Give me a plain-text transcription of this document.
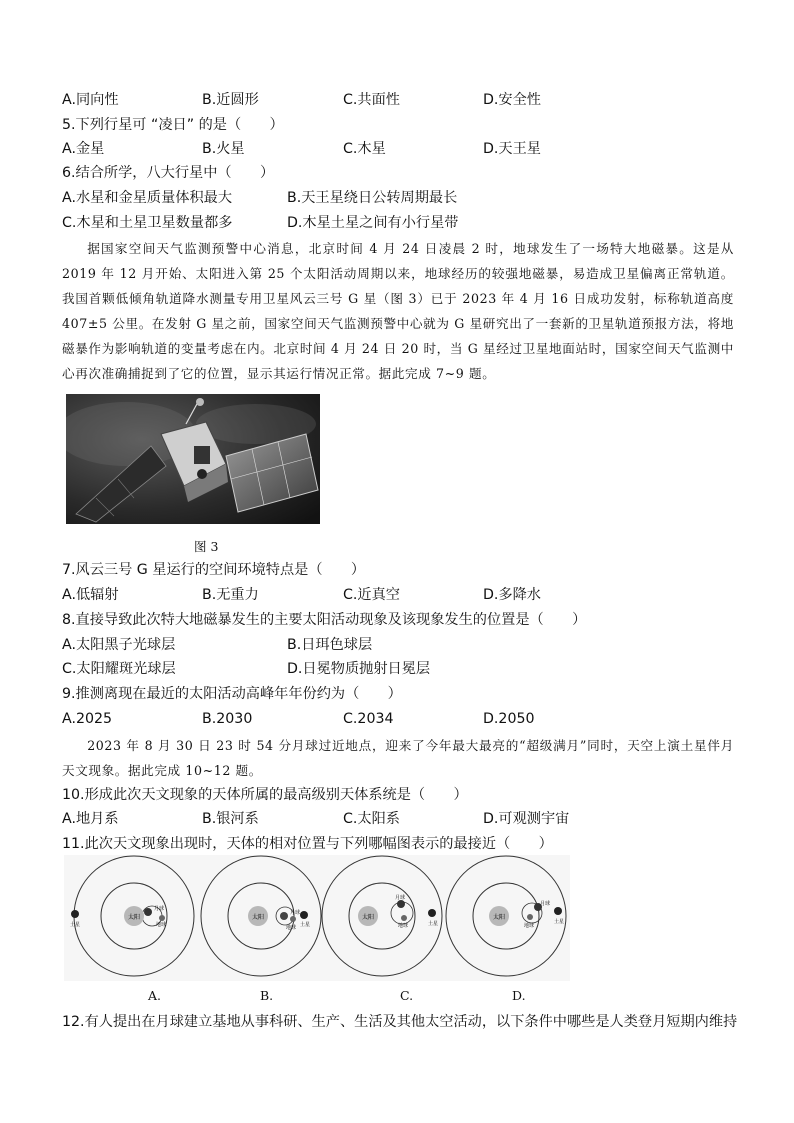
A.同向性	B.近圆形	C.共面性	D.安全性
5.下列行星可 “凌日” 的是（　　）
A.金星	B.火星	C.木星	D.天王星
6.结合所学，八大行星中（　　）
A.水星和金星质量体积最大	B.天王星绕日公转周期最长
C.木星和土星卫星数量都多	D.木星土星之间有小行星带
据国家空间天气监测预警中心消息，北京时间 4 月 24 日凌晨 2 时，地球发生了一场特大地磁暴。这是从 2019 年 12 月开始、太阳进入第 25 个太阳活动周期以来，地球经历的较强地磁暴，易造成卫星偏离正常轨道。我国首颗低倾角轨道降水测量专用卫星风云三号 G 星（图 3）已于 2023 年 4 月 16 日成功发射，标称轨道高度 407±5 公里。在发射 G 星之前，国家空间天气监测预警中心就为 G 星研究出了一套新的卫星轨道预报方法，将地磁暴作为影响轨道的变量考虑在内。北京时间 4 月 24 日 20 时，当 G 星经过卫星地面站时，国家空间天气监测中心再次准确捕捉到了它的位置，显示其运行情况正常。据此完成 7~9 题。
图 3
7.风云三号 G 星运行的空间环境特点是（　　）
A.低辐射	B.无重力	C.近真空	D.多降水
8.直接导致此次特大地磁暴发生的主要太阳活动现象及该现象发生的位置是（　　）
A.太阳黑子光球层	B.日珥色球层
C.太阳耀斑光球层	D.日冕物质抛射日冕层
9.推测离现在最近的太阳活动高峰年年份约为（　　）
A.2025	B.2030	C.2034	D.2050
2023 年 8 月 30 日 23 时 54 分月球过近地点，迎来了今年最大最亮的“超级满月”同时，天空上演土星伴月天文现象。据此完成 10~12 题。
10.形成此次天文现象的天体所属的最高级别天体系统是（　　）
A.地月系	B.银河系	C.太阳系	D.可观测宇宙
11.此次天文现象出现时，天体的相对位置与下列哪幅图表示的最接近（　　）
太阳
月球
地球
土星
太阳
月球
地球 土星
太阳
月球
地球	土星
太阳
月球
地球
土星
A.	B.	C.	D.
12.有人提出在月球建立基地从事科研、生产、生活及其他太空活动，以下条件中哪些是人类登月短期内维持
